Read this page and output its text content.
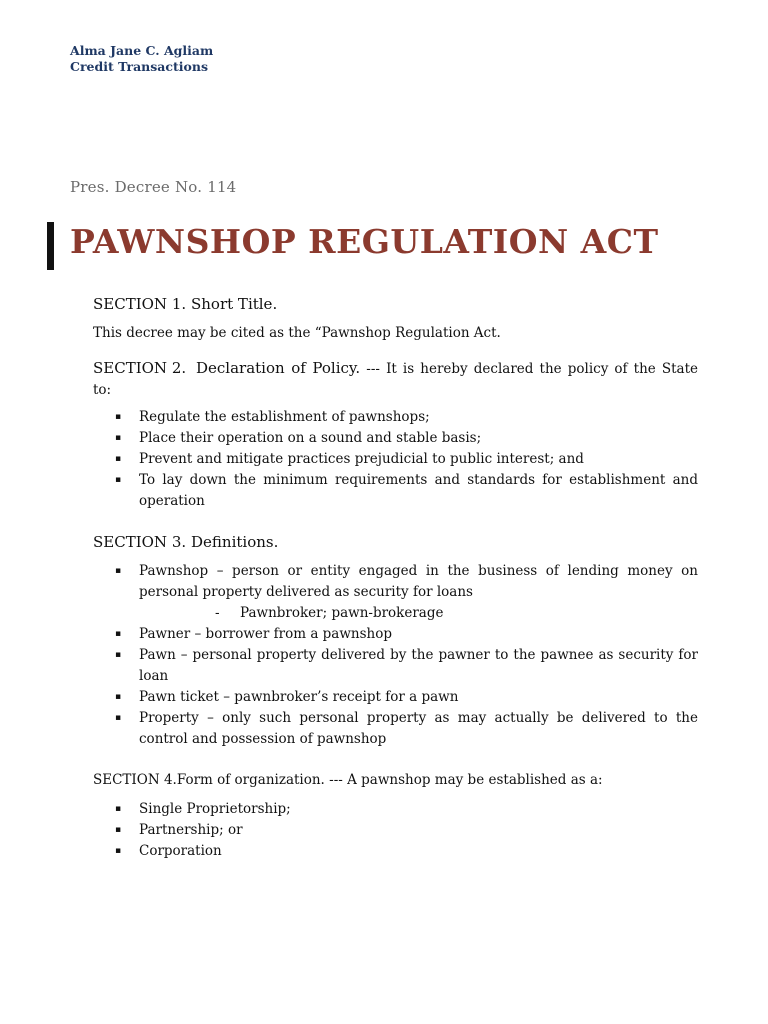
Alma Jane C. Agliam
Credit Transactions
Pres. Decree No. 114
PAWNSHOP REGULATION ACT

SECTION 1. Short Title.

This decree may be cited as the “Pawnshop Regulation Act.

SECTION 2. Declaration of Policy. --- It is hereby declared the policy of the State to:

▪ Regulate the establishment of pawnshops;
▪ Place their operation on a sound and stable basis;
▪ Prevent and mitigate practices prejudicial to public interest; and
▪ To lay down the minimum requirements and standards for establishment and operation

SECTION 3. Definitions.

▪ Pawnshop – person or entity engaged in the business of lending money on personal property delivered as security for loans
- Pawnbroker; pawn-brokerage
▪ Pawner – borrower from a pawnshop
▪ Pawn – personal property delivered by the pawner to the pawnee as security for loan
▪ Pawn ticket – pawnbroker’s receipt for a pawn
▪ Property – only such personal property as may actually be delivered to the control and possession of pawnshop

SECTION 4.Form of organization. --- A pawnshop may be established as a:

▪ Single Proprietorship;
▪ Partnership; or
▪ Corporation
